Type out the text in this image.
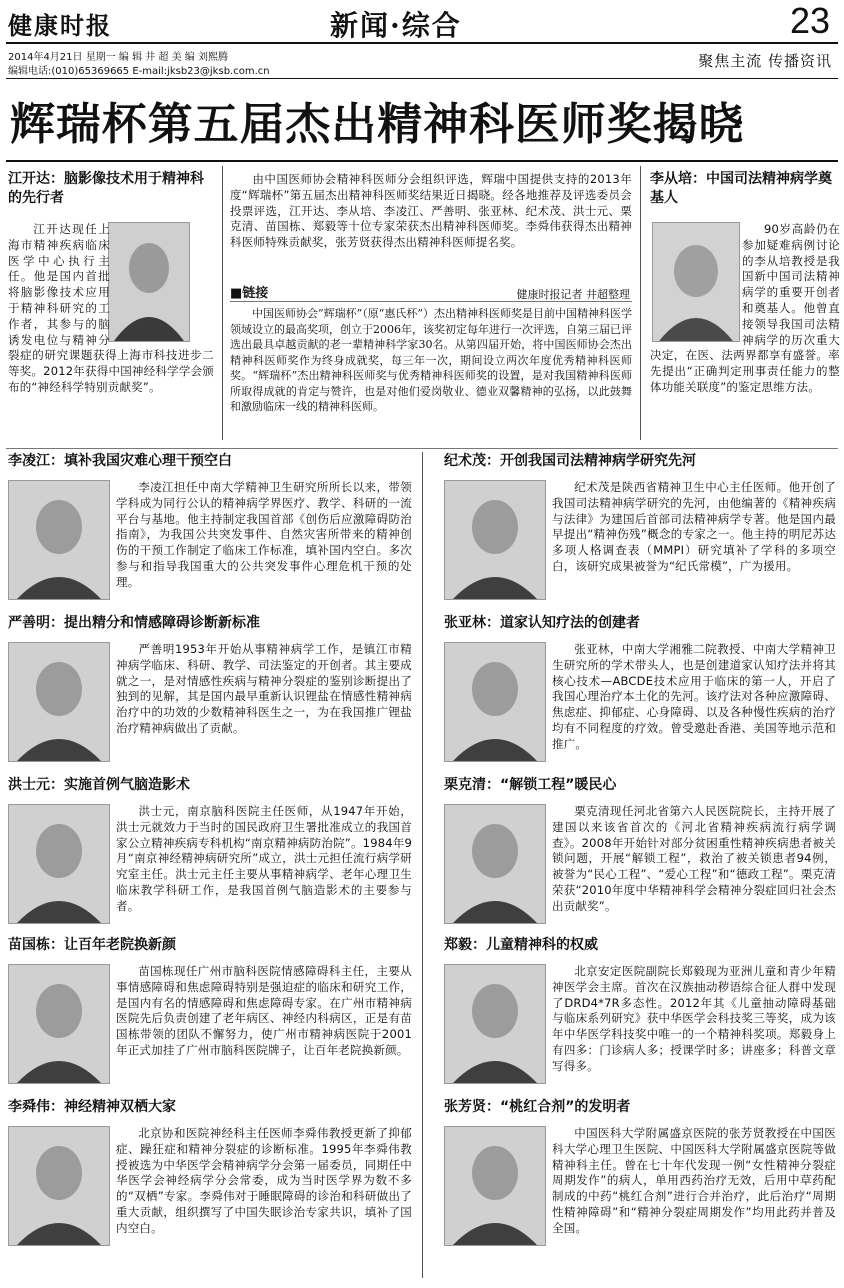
健康时报	新闻·综合	23
2014年4月21日 星期一 编 辑 井 超 美 编 刘熙腾
编辑电话:(010)65369665 E-mail:jksb23@jksb.com.cn
聚焦主流 传播资讯
辉瑞杯第五届杰出精神科医师奖揭晓
江开达：脑影像技术用于精神科的先行者
江开达现任上海市精神疾病临床医学中心执行主任。他是国内首批将脑影像技术应用于精神科研究的工作者，其参与的脑诱发电位与精神分裂症的研究课题获得上海市科技进步二等奖。2012年获得中国神经科学学会颁布的“神经科学特别贡献奖”。
由中国医师协会精神科医师分会组织评选，辉瑞中国提供支持的2013年度“辉瑞杯”第五届杰出精神科医师奖结果近日揭晓。经各地推荐及评选委员会投票评选，江开达、李从培、李凌江、严善明、张亚林、纪术茂、洪士元、栗克清、苗国栋、郑毅等十位专家荣获杰出精神科医师奖。李舜伟获得杰出精神科医师特殊贡献奖，张芳贤获得杰出精神科医师提名奖。
■链接	健康时报记者 井超整理
中国医师协会“辉瑞杯”（原“惠氏杯”）杰出精神科医师奖是目前中国精神科医学领域设立的最高奖项，创立于2006年，该奖初定每年进行一次评选，自第三届已评选出最具卓越贡献的老一辈精神科学家30名。从第四届开始，将中国医师协会杰出精神科医师奖作为终身成就奖，每三年一次，期间设立两次年度优秀精神科医师奖。“辉瑞杯”杰出精神科医师奖与优秀精神科医师奖的设置，是对我国精神科医师所取得成就的肯定与赞许，也是对他们爱岗敬业、德业双馨精神的弘扬，以此鼓舞和激励临床一线的精神科医师。
李从培：中国司法精神病学奠基人
90岁高龄仍在参加疑难病例讨论的李从培教授是我国新中国司法精神病学的重要开创者和奠基人。他曾直接领导我国司法精神病学的历次重大决定，在医、法两界都享有盛誉。率先提出“正确判定刑事责任能力的整体功能关联度”的鉴定思维方法。
李凌江：填补我国灾难心理干预空白
李凌江担任中南大学精神卫生研究所所长以来，带领学科成为同行公认的精神病学界医疗、教学、科研的一流平台与基地。他主持制定我国首部《创伤后应激障碍防治指南》，为我国公共突发事件、自然灾害所带来的精神创伤的干预工作制定了临床工作标准，填补国内空白。多次参与和指导我国重大的公共突发事件心理危机干预的处理。
纪术茂：开创我国司法精神病学研究先河
纪术茂是陕西省精神卫生中心主任医师。他开创了我国司法精神病学研究的先河，由他编著的《精神疾病与法律》为建国后首部司法精神病学专著。他是国内最早提出“精神伤残”概念的专家之一。他主持的明尼苏达多项人格调查表（MMPI）研究填补了学科的多项空白，该研究成果被誉为“纪氏常模”，广为援用。
严善明：提出精分和情感障碍诊断新标准
严善明1953年开始从事精神病学工作，是镇江市精神病学临床、科研、教学、司法鉴定的开创者。其主要成就之一，是对情感性疾病与精神分裂症的鉴别诊断提出了独到的见解，其是国内最早重新认识锂盐在情感性精神病治疗中的功效的少数精神科医生之一，为在我国推广锂盐治疗精神病做出了贡献。
张亚林：道家认知疗法的创建者
张亚林，中南大学湘雅二院教授、中南大学精神卫生研究所的学术带头人，也是创建道家认知疗法并将其核心技术—ABCDE技术应用于临床的第一人，开启了我国心理治疗本土化的先河。该疗法对各种应激障碍、焦虑症、抑郁症、心身障碍、以及各种慢性疾病的治疗均有不同程度的疗效。曾受邀赴香港、美国等地示范和推广。
洪士元：实施首例气脑造影术
洪士元，南京脑科医院主任医师，从1947年开始，洪士元就效力于当时的国民政府卫生署批准成立的我国首家公立精神疾病专科机构“南京精神病防治院”。1984年9月“南京神经精神病研究所”成立，洪士元担任流行病学研究室主任。洪士元主任主要从事精神病学、老年心理卫生临床教学科研工作，是我国首例气脑造影术的主要参与者。
栗克清：“解锁工程”暖民心
栗克清现任河北省第六人民医院院长，主持开展了建国以来该省首次的《河北省精神疾病流行病学调查》。2008年开始针对部分贫困重性精神疾病患者被关锁问题，开展“解锁工程”，救治了被关锁患者94例，被誉为“民心工程”、“爱心工程”和“德政工程”。栗克清荣获“2010年度中华精神科学会精神分裂症回归社会杰出贡献奖”。
苗国栋：让百年老院换新颜
苗国栋现任广州市脑科医院情感障碍科主任，主要从事情感障碍和焦虑障碍特别是强迫症的临床和研究工作，是国内有名的情感障碍和焦虑障碍专家。在广州市精神病医院先后负责创建了老年病区、神经内科病区，正是有苗国栋带领的团队不懈努力，使广州市精神病医院于2001年正式加挂了广州市脑科医院牌子，让百年老院换新颜。
郑毅：儿童精神科的权威
北京安定医院副院长郑毅现为亚洲儿童和青少年精神医学会主席。首次在汉族抽动秽语综合征人群中发现了DRD4*7R多态性。2012年其《儿童抽动障碍基础与临床系列研究》获中华医学会科技奖三等奖，成为该年中华医学科技奖中唯一的一个精神科奖项。郑毅身上有四多：门诊病人多；授课学时多；讲座多；科普文章写得多。
李舜伟：神经精神双栖大家
北京协和医院神经科主任医师李舜伟教授更新了抑郁症、躁狂症和精神分裂症的诊断标准。1995年李舜伟教授被选为中华医学会精神病学分会第一届委员，同期任中华医学会神经病学分会常委，成为当时医学界为数不多的“双栖”专家。李舜伟对于睡眠障碍的诊治和科研做出了重大贡献，组织撰写了中国失眠诊治专家共识，填补了国内空白。
张芳贤：“桃红合剂”的发明者
中国医科大学附属盛京医院的张芳贤教授在中国医科大学心理卫生医院、中国医科大学附属盛京医院等做精神科主任。曾在七十年代发现一例“女性精神分裂症周期发作”的病人，单用西药治疗无效，后用中草药配制成的中药“桃红合剂”进行合并治疗，此后治疗“周期性精神障碍”和“精神分裂症周期发作”均用此药并普及全国。
